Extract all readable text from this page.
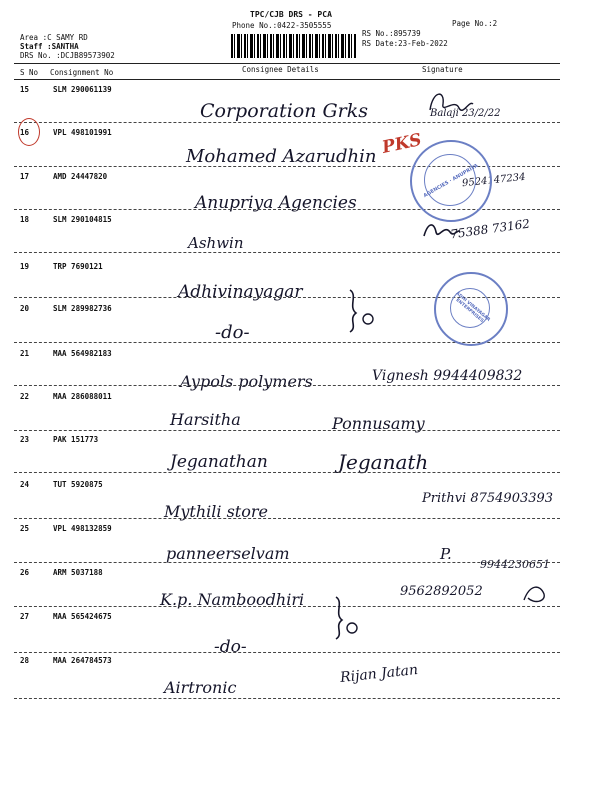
TPC/CJB DRS - PCA
Phone No.:0422-3505555	Page No.:2
Area :C SAMY RD
Staff :SANTHA
DRS No. :DCJB89573902
RS No.:895739
RS Date:23-Feb-2022
S No Consignment No	Consignee Details	Signature
15	SLM 290061139
Corporation Grks	Balaji 23/2/22
16	VPL 498101991
Mohamed Azarudhin PKS
17	AMD 24447820
Anupriya Agencies
9524147234
18	SLM 290104815
Ashwin
75388 73162
19	TRP 7690121
Adhivinayagar
20	SLM 289982736
-do-
21	MAA 564982183
Aypols polymers	Vignesh 9944409832
22	MAA 286088011
Harsitha	Ponnusamy
23	PAK 151773
Jeganathan	Jeganath
24	TUT 5920875
Mythili store
Prithvi 8754903393
25	VPL 498132859
panneerselvam	P.
9944230651
26	ARM 5037188
K.p. Namboodhiri	9562892052
27	MAA 565424675
-do-
28	MAA 264784573
Airtronic
Rijan Jatan
AGENCIES · ANUPRIYA
ADHI VINAYAGAR ENTERPRISES
